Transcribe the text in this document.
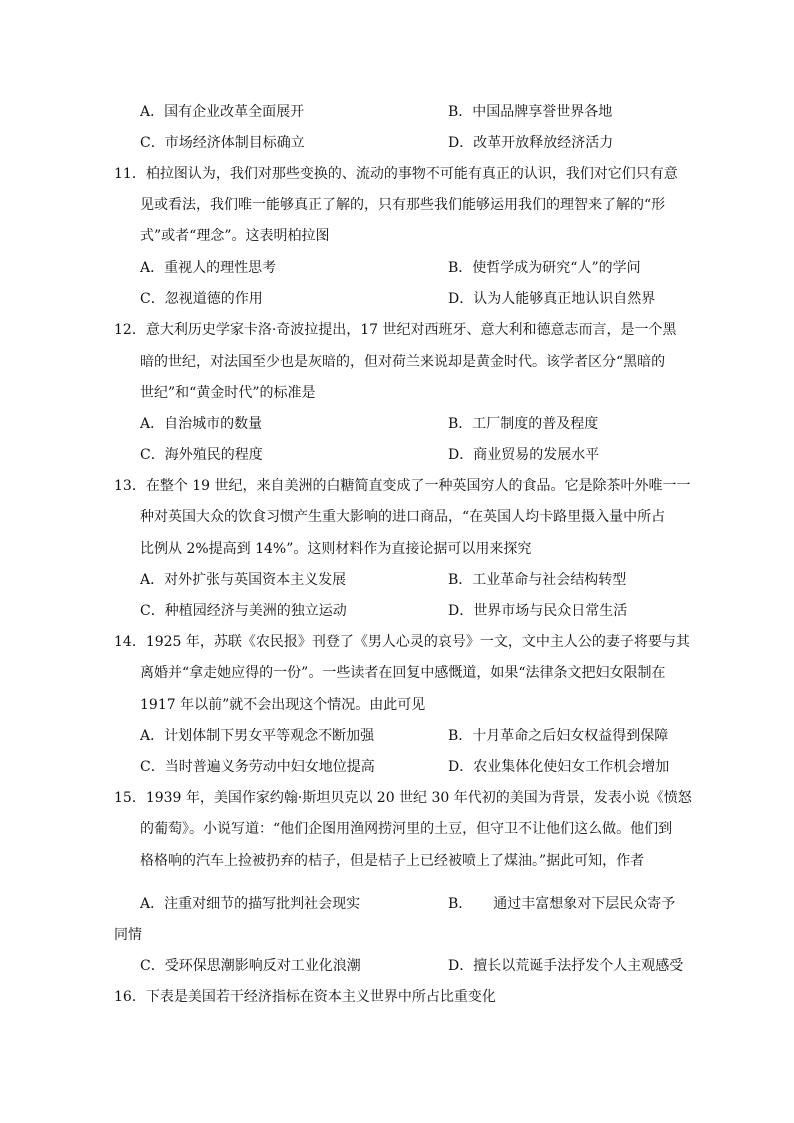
A．国有企业改革全面展开	B．中国品牌享誉世界各地
C．市场经济体制目标确立	D．改革开放释放经济活力
11．柏拉图认为，我们对那些变换的、流动的事物不可能有真正的认识，我们对它们只有意
见或看法，我们唯一能够真正了解的，只有那些我们能够运用我们的理智来了解的“形
式”或者“理念”。这表明柏拉图
A．重视人的理性思考	B．使哲学成为研究“人”的学问
C．忽视道德的作用	D．认为人能够真正地认识自然界
12．意大利历史学家卡洛·奇波拉提出，17 世纪对西班牙、意大利和德意志而言，是一个黑
暗的世纪，对法国至少也是灰暗的，但对荷兰来说却是黄金时代。该学者区分“黑暗的
世纪”和“黄金时代”的标准是
A．自治城市的数量	B．工厂制度的普及程度
C．海外殖民的程度	D．商业贸易的发展水平
13．在整个 19 世纪，来自美洲的白糖简直变成了一种英国穷人的食品。它是除茶叶外唯一一
种对英国大众的饮食习惯产生重大影响的进口商品，“在英国人均卡路里摄入量中所占
比例从 2%提高到 14%”。这则材料作为直接论据可以用来探究
A．对外扩张与英国资本主义发展	B．工业革命与社会结构转型
C．种植园经济与美洲的独立运动	D．世界市场与民众日常生活
14．1925 年，苏联《农民报》刊登了《男人心灵的哀号》一文，文中主人公的妻子将要与其
离婚并“拿走她应得的一份”。一些读者在回复中感慨道，如果“法律条文把妇女限制在
1917 年以前”就不会出现这个情况。由此可见
A．计划体制下男女平等观念不断加强	B．十月革命之后妇女权益得到保障
C．当时普遍义务劳动中妇女地位提高	D．农业集体化使妇女工作机会增加
15．1939 年，美国作家约翰·斯坦贝克以 20 世纪 30 年代初的美国为背景，发表小说《愤怒
的葡萄》。小说写道：“他们企图用渔网捞河里的土豆，但守卫不让他们这么做。他们到
格格响的汽车上捡被扔弃的桔子，但是桔子上已经被喷上了煤油。”据此可知，作者
A．注重对细节的描写批判社会现实	B．　　通过丰富想象对下层民众寄予
同情
C．受环保思潮影响反对工业化浪潮	D．擅长以荒诞手法抒发个人主观感受
16．下表是美国若干经济指标在资本主义世界中所占比重变化
